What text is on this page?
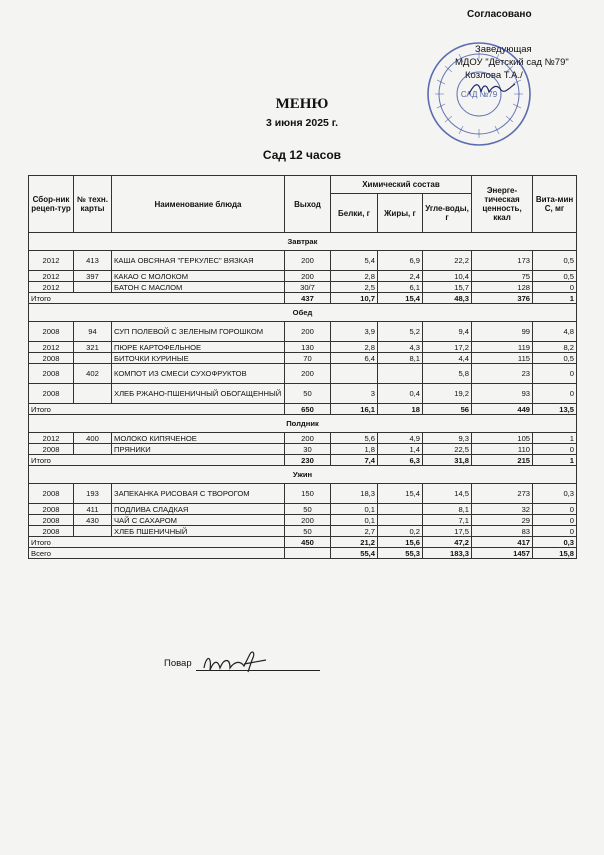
Согласовано
Заведующая
МДОУ "Детский сад №79"
Козлова Т.А./
САД №79
МЕНЮ
3 июня 2025 г.
Сад 12 часов
Сбор-ник рецеп-тур	№ техн. карты	Наименование блюда	Выход	Химический состав			Энерге-тическая ценность, ккал	Вита-мин С, мг
				Белки, г	Жиры, г	Угле-воды, г		
Завтрак								
2012	413	КАША ОВСЯНАЯ "ГЕРКУЛЕС" ВЯЗКАЯ	200	5,4	6,9	22,2	173	0,5
2012	397	КАКАО С МОЛОКОМ	200	2,8	2,4	10,4	75	0,5
2012		БАТОН С МАСЛОМ	30/7	2,5	6,1	15,7	128	0
Итого			437	10,7	15,4	48,3	376	1
Обед								
2008	94	СУП ПОЛЕВОЙ С ЗЕЛЕНЫМ ГОРОШКОМ	200	3,9	5,2	9,4	99	4,8
2012	321	ПЮРЕ КАРТОФЕЛЬНОЕ	130	2,8	4,3	17,2	119	8,2
2008		БИТОЧКИ КУРИНЫЕ	70	6,4	8,1	4,4	115	0,5
2008	402	КОМПОТ ИЗ СМЕСИ СУХОФРУКТОВ	200			5,8	23	0
2008		ХЛЕБ РЖАНО-ПШЕНИЧНЫЙ ОБОГАЩЕННЫЙ	50	3	0,4	19,2	93	0
Итого			650	16,1	18	56	449	13,5
Полдник								
2012	400	МОЛОКО КИПЯЧЕНОЕ	200	5,6	4,9	9,3	105	1
2008		ПРЯНИКИ	30	1,8	1,4	22,5	110	0
Итого			230	7,4	6,3	31,8	215	1
Ужин								
2008	193	ЗАПЕКАНКА РИСОВАЯ С ТВОРОГОМ	150	18,3	15,4	14,5	273	0,3
2008	411	ПОДЛИВА СЛАДКАЯ	50	0,1		8,1	32	0
2008	430	ЧАЙ С САХАРОМ	200	0,1		7,1	29	0
2008		ХЛЕБ ПШЕНИЧНЫЙ	50	2,7	0,2	17,5	83	0
Итого			450	21,2	15,6	47,2	417	0,3
Всего				55,4	55,3	183,3	1457	15,8
Повар
